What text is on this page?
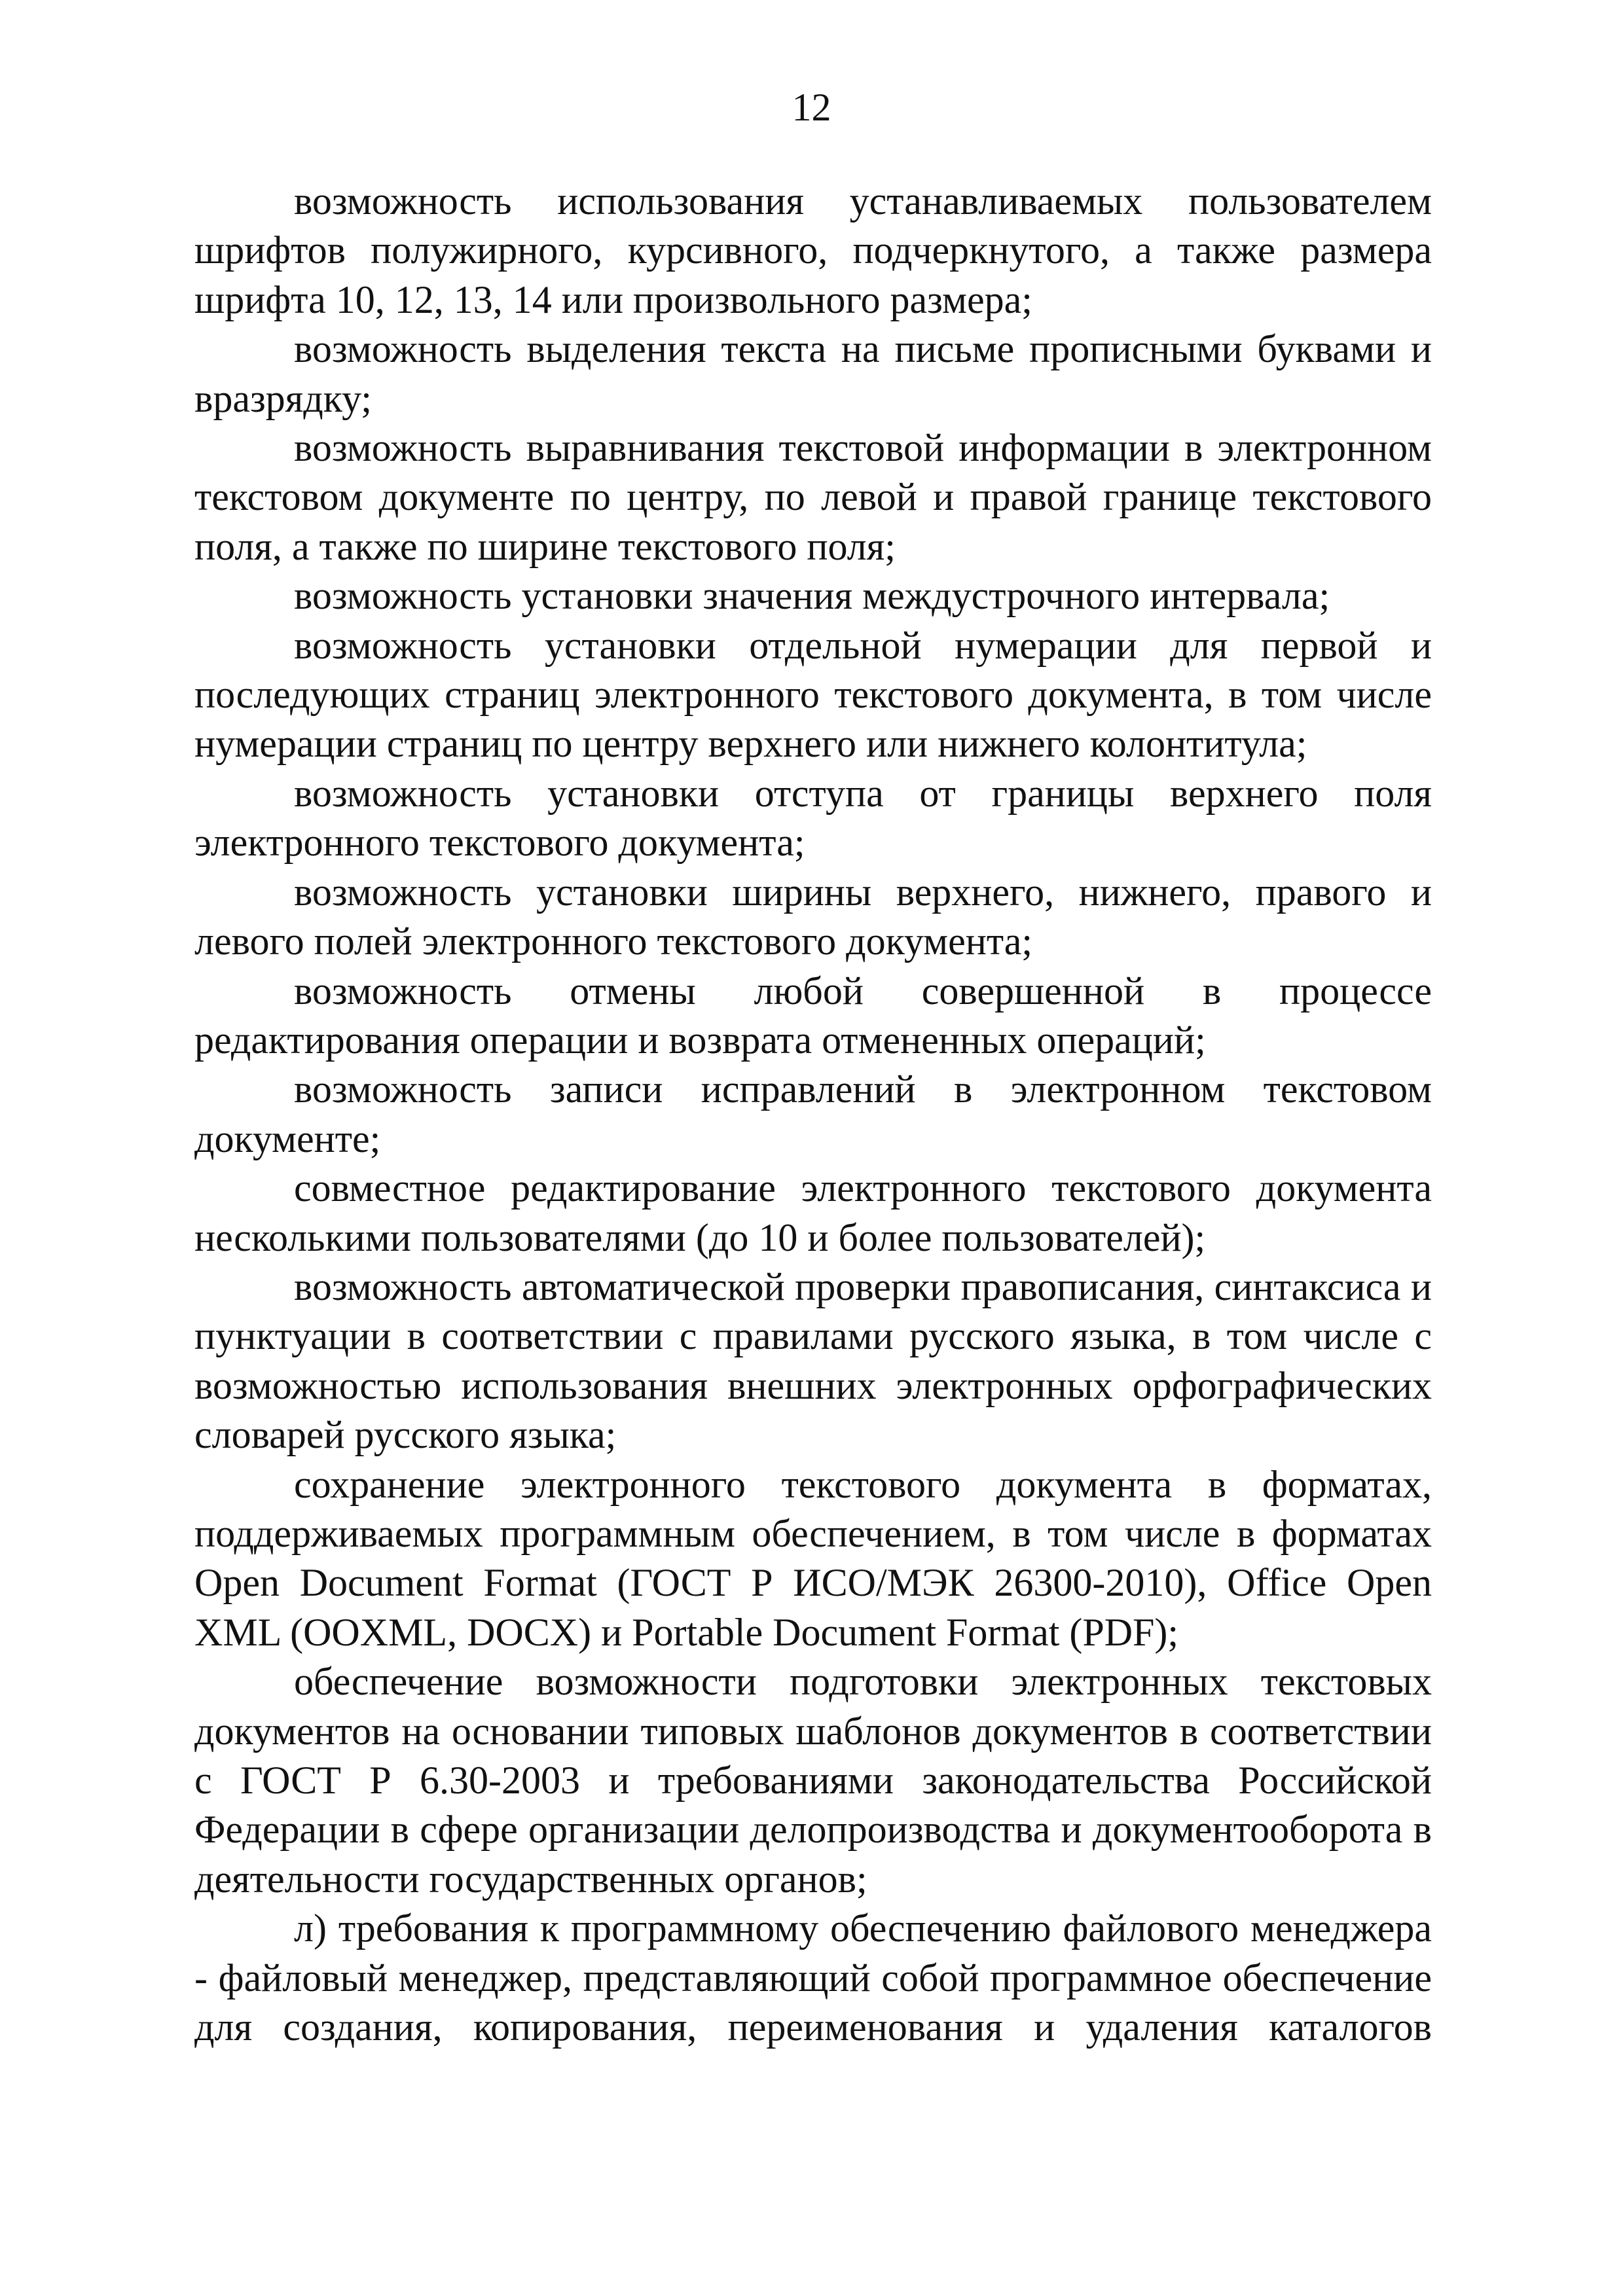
12

возможность использования устанавливаемых пользователем шрифтов полужирного, курсивного, подчеркнутого, а также размера шрифта 10, 12, 13, 14 или произвольного размера;

возможность выделения текста на письме прописными буквами и вразрядку;

возможность выравнивания текстовой информации в электронном текстовом документе по центру, по левой и правой границе текстового поля, а также по ширине текстового поля;

возможность установки значения междустрочного интервала;

возможность установки отдельной нумерации для первой и последующих страниц электронного текстового документа, в том числе нумерации страниц по центру верхнего или нижнего колонтитула;

возможность установки отступа от границы верхнего поля электронного текстового документа;

возможность установки ширины верхнего, нижнего, правого и левого полей электронного текстового документа;

возможность отмены любой совершенной в процессе редактирования операции и возврата отмененных операций;

возможность записи исправлений в электронном текстовом документе;

совместное редактирование электронного текстового документа несколькими пользователями (до 10 и более пользователей);

возможность автоматической проверки правописания, синтаксиса и пунктуации в соответствии с правилами русского языка, в том числе с возможностью использования внешних электронных орфографических словарей русского языка;

сохранение электронного текстового документа в форматах, поддерживаемых программным обеспечением, в том числе в форматах Open Document Format (ГОСТ Р ИСО/МЭК 26300-2010), Office Open XML (OOXML, DOCX) и Portable Document Format (PDF);

обеспечение возможности подготовки электронных текстовых документов на основании типовых шаблонов документов в соответствии с ГОСТ Р 6.30-2003 и требованиями законодательства Российской Федерации в сфере организации делопроизводства и документооборота в деятельности государственных органов;

л) требования к программному обеспечению файлового менеджера - файловый менеджер, представляющий собой программное обеспечение для создания, копирования, переименования и удаления каталогов
